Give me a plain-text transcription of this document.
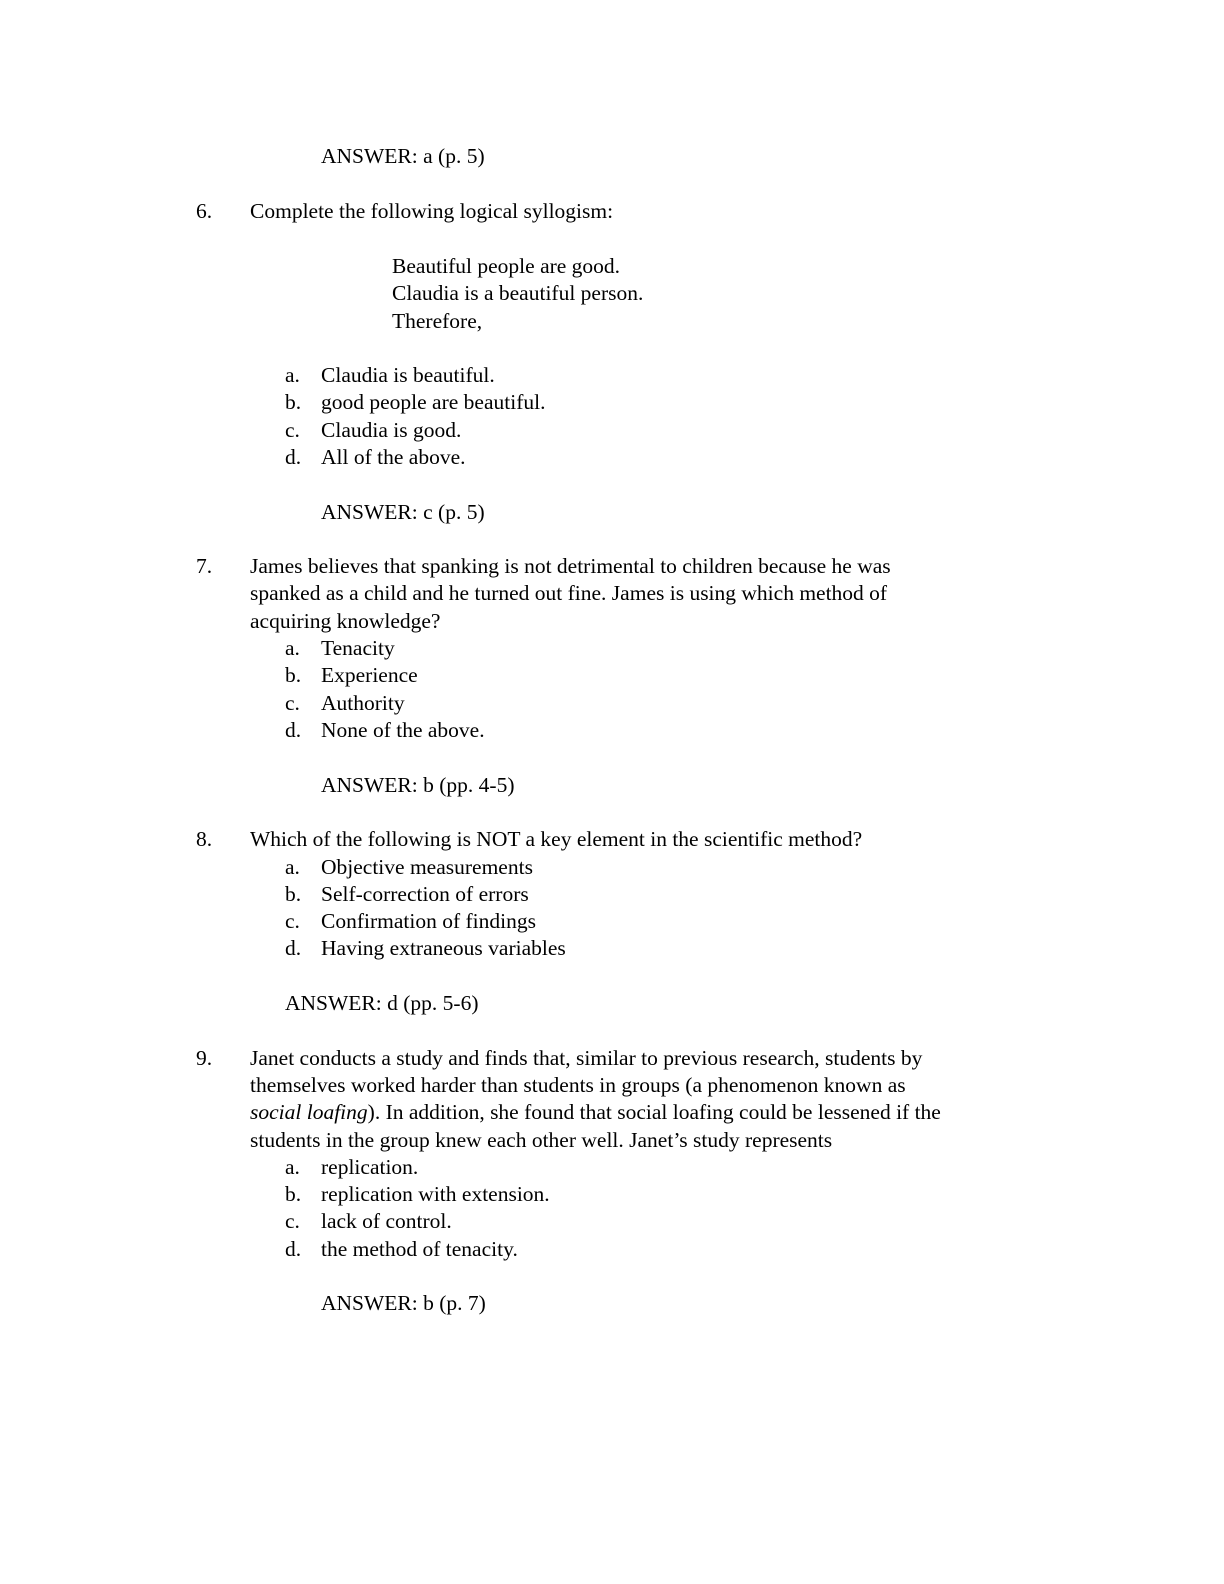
ANSWER: a (p. 5)
6. Complete the following logical syllogism:
Beautiful people are good.
Claudia is a beautiful person.
Therefore,
a. Claudia is beautiful.
b. good people are beautiful.
c. Claudia is good.
d. All of the above.
ANSWER: c (p. 5)
7. James believes that spanking is not detrimental to children because he was
spanked as a child and he turned out fine. James is using which method of
acquiring knowledge?
a. Tenacity
b. Experience
c. Authority
d. None of the above.
ANSWER: b (pp. 4-5)
8. Which of the following is NOT a key element in the scientific method?
a. Objective measurements
b. Self-correction of errors
c. Confirmation of findings
d. Having extraneous variables
ANSWER: d (pp. 5-6)
9. Janet conducts a study and finds that, similar to previous research, students by
themselves worked harder than students in groups (a phenomenon known as
social loafing). In addition, she found that social loafing could be lessened if the
students in the group knew each other well. Janet’s study represents
a. replication.
b. replication with extension.
c. lack of control.
d. the method of tenacity.
ANSWER: b (p. 7)
